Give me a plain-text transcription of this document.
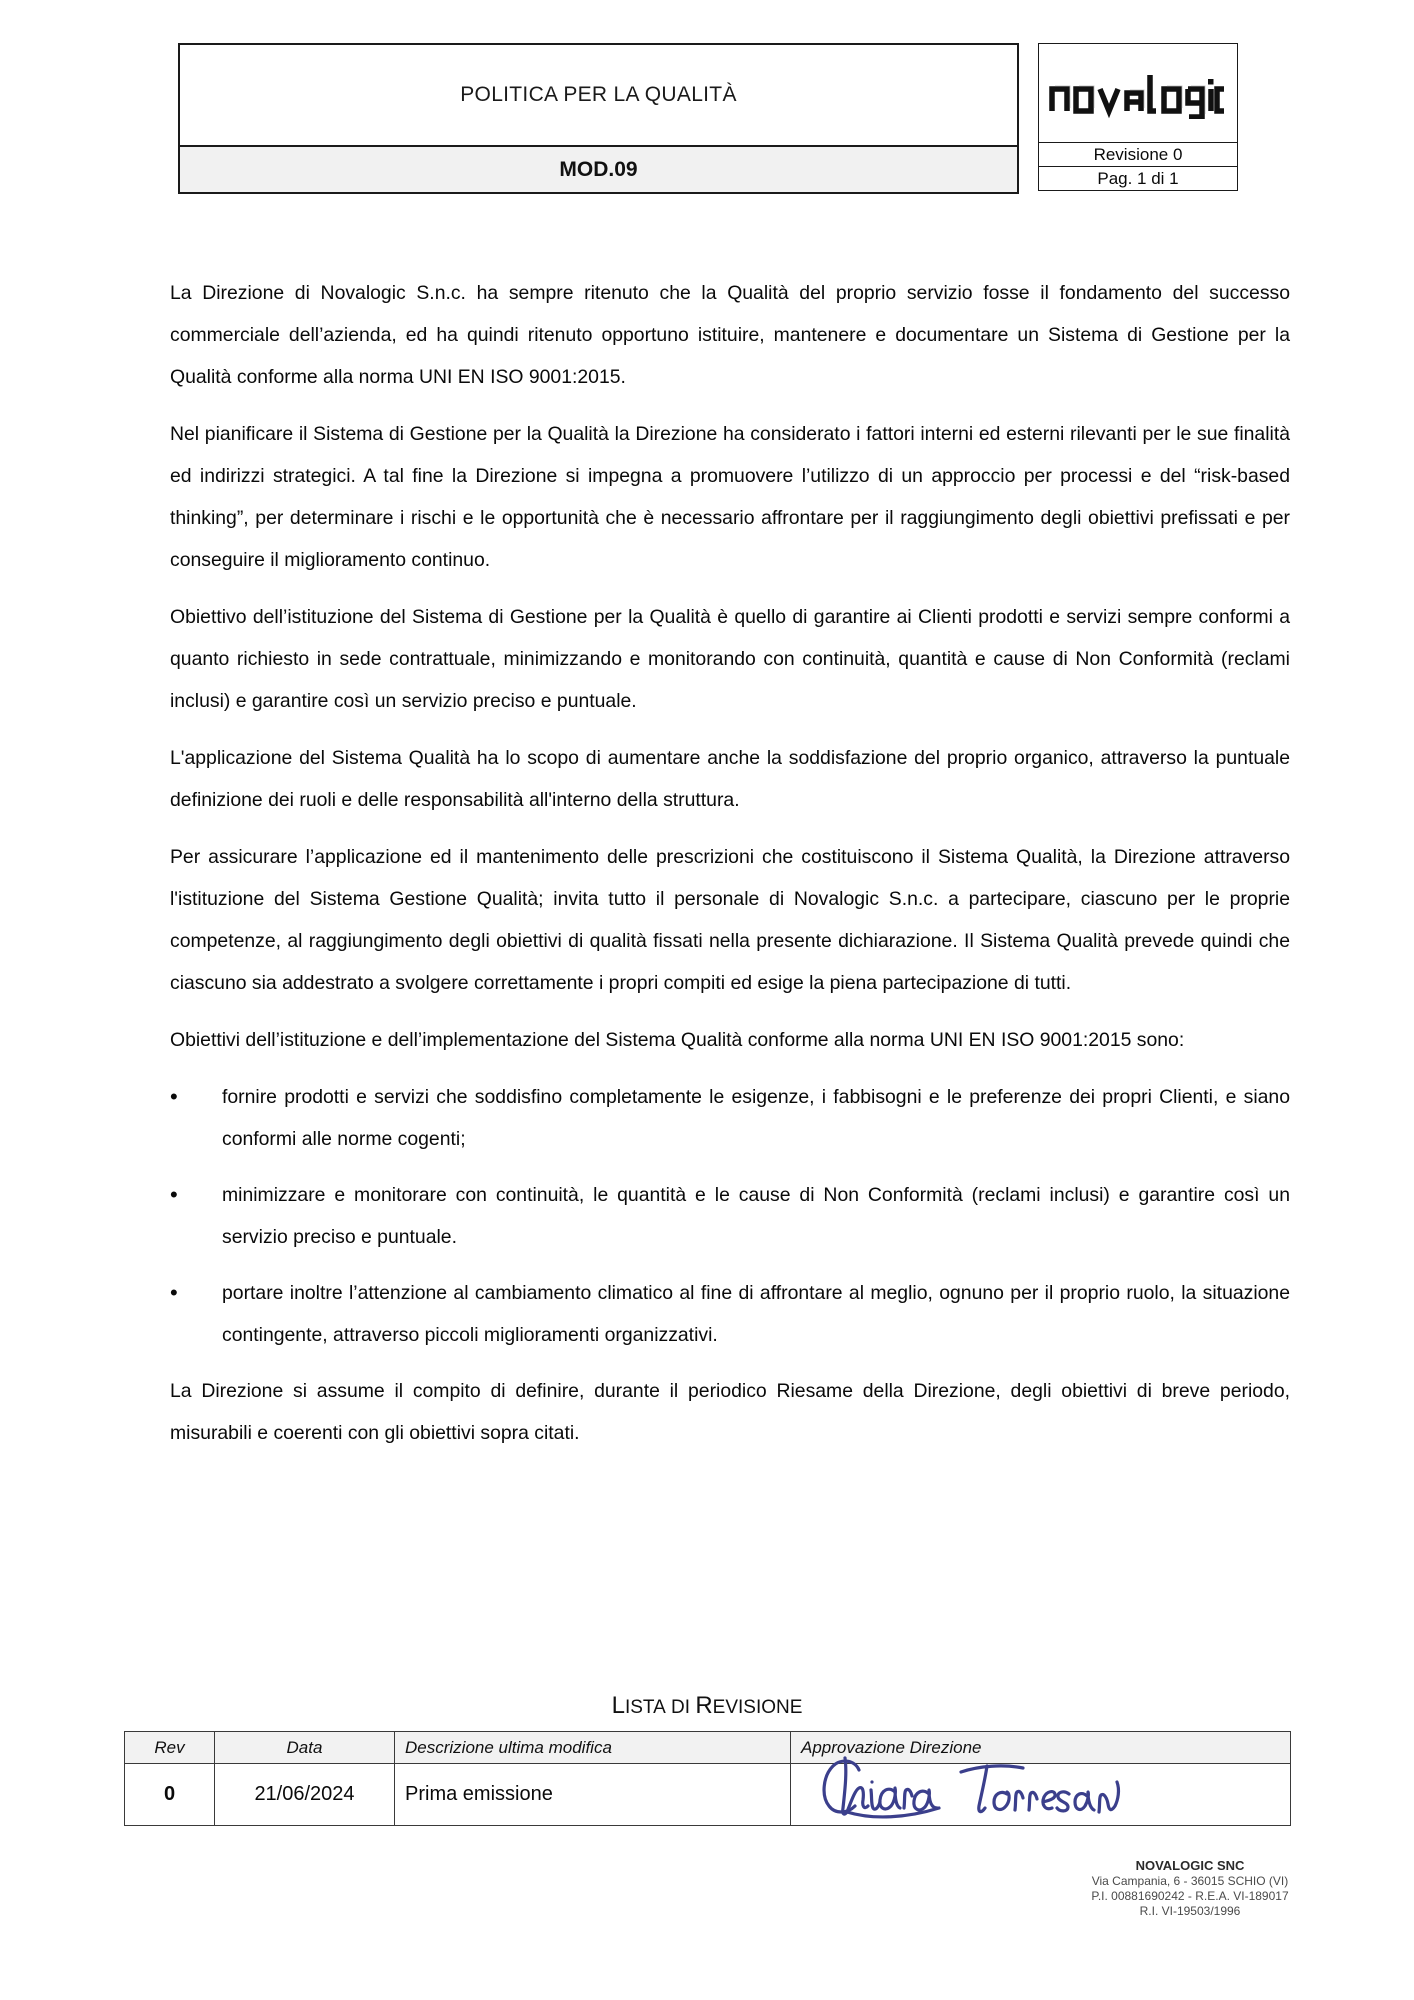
POLITICA PER LA QUALITÀ
MOD.09
Revisione 0
Pag. 1 di 1

La Direzione di Novalogic S.n.c. ha sempre ritenuto che la Qualità del proprio servizio fosse il fondamento del successo commerciale dell’azienda, ed ha quindi ritenuto opportuno istituire, mantenere e documentare un Sistema di Gestione per la Qualità conforme alla norma UNI EN ISO 9001:2015.

Nel pianificare il Sistema di Gestione per la Qualità la Direzione ha considerato i fattori interni ed esterni rilevanti per le sue finalità ed indirizzi strategici. A tal fine la Direzione si impegna a promuovere l’utilizzo di un approccio per processi e del “risk-based thinking”, per determinare i rischi e le opportunità che è necessario affrontare per il raggiungimento degli obiettivi prefissati e per conseguire il miglioramento continuo.

Obiettivo dell’istituzione del Sistema di Gestione per la Qualità è quello di garantire ai Clienti prodotti e servizi sempre conformi a quanto richiesto in sede contrattuale, minimizzando e monitorando con continuità, quantità e cause di Non Conformità (reclami inclusi) e garantire così un servizio preciso e puntuale.

L'applicazione del Sistema Qualità ha lo scopo di aumentare anche la soddisfazione del proprio organico, attraverso la puntuale definizione dei ruoli e delle responsabilità all'interno della struttura.

Per assicurare l’applicazione ed il mantenimento delle prescrizioni che costituiscono il Sistema Qualità, la Direzione attraverso l'istituzione del Sistema Gestione Qualità; invita tutto il personale di Novalogic S.n.c. a partecipare, ciascuno per le proprie competenze, al raggiungimento degli obiettivi di qualità fissati nella presente dichiarazione. Il Sistema Qualità prevede quindi che ciascuno sia addestrato a svolgere correttamente i propri compiti ed esige la piena partecipazione di tutti.

Obiettivi dell’istituzione e dell’implementazione del Sistema Qualità conforme alla norma UNI EN ISO 9001:2015 sono:

• fornire prodotti e servizi che soddisfino completamente le esigenze, i fabbisogni e le preferenze dei propri Clienti, e siano conformi alle norme cogenti;
• minimizzare e monitorare con continuità, le quantità e le cause di Non Conformità (reclami inclusi) e garantire così un servizio preciso e puntuale.
• portare inoltre l’attenzione al cambiamento climatico al fine di affrontare al meglio, ognuno per il proprio ruolo, la situazione contingente, attraverso piccoli miglioramenti organizzativi.

La Direzione si assume il compito di definire, durante il periodico Riesame della Direzione, degli obiettivi di breve periodo, misurabili e coerenti con gli obiettivi sopra citati.

LISTA DI REVISIONE
Rev	Data	Descrizione ultima modifica	Approvazione Direzione
0	21/06/2024	Prima emissione	
NOVALOGIC SNC
Via Campania, 6 - 36015 SCHIO (VI)
P.I. 00881690242 - R.E.A. VI-189017
R.I. VI-19503/1996
